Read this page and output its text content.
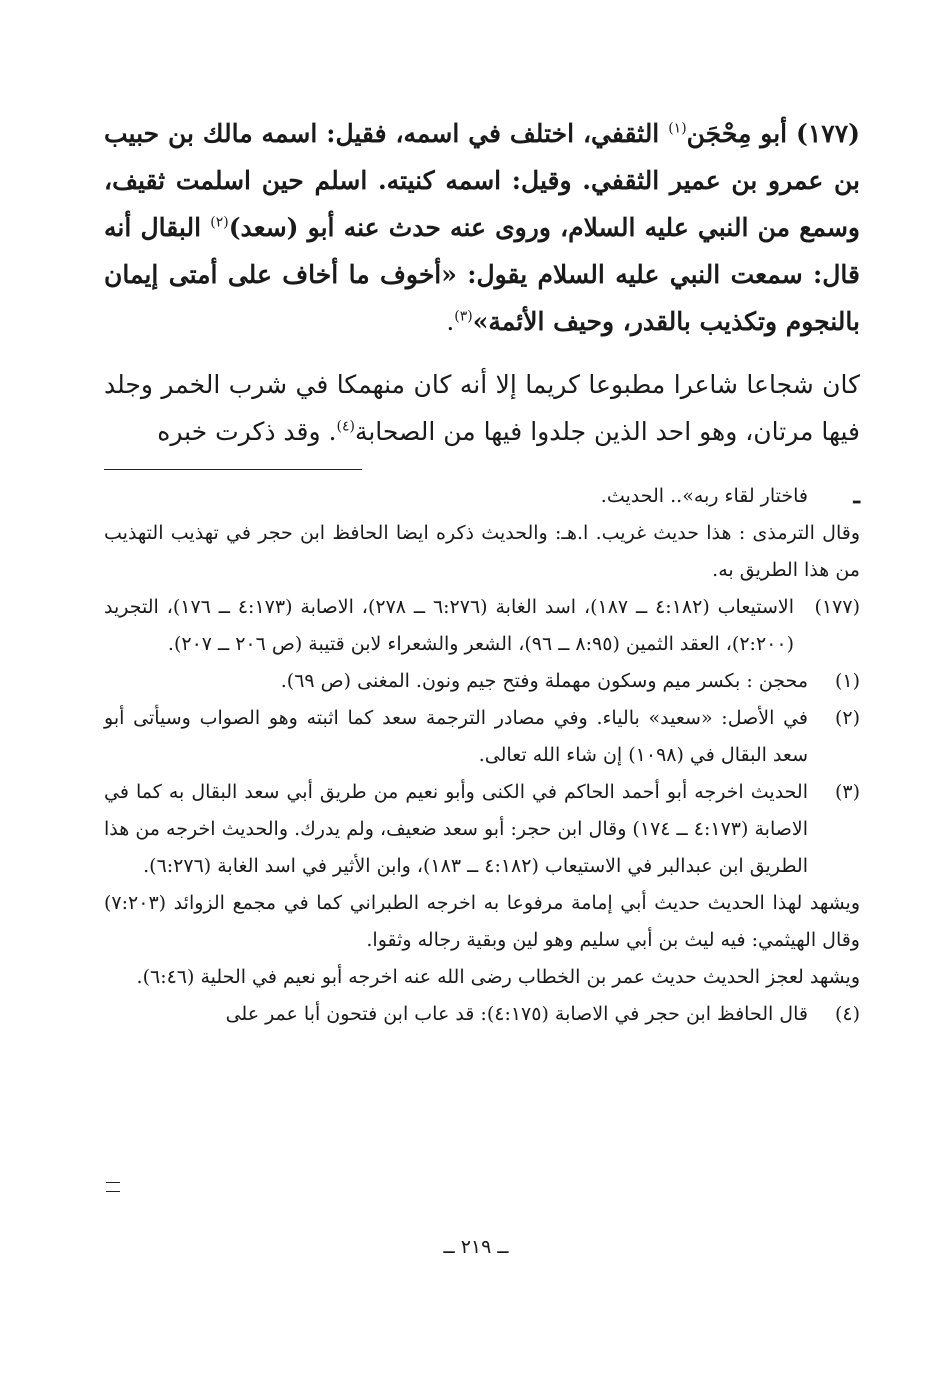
(١٧٧) أبو مِحْجَن$^{(١)}$ الثقفي، اختلف في اسمه، فقيل: اسمه مالك بن حبيب بن عمرو بن عمير الثقفي. وقيل: اسمه كنيته. اسلم حين اسلمت ثقيف، وسمع من النبي عليه السلام، وروى عنه حدث عنه أبو (سعد)$^{(٢)}$ البقال أنه قال: سمعت النبي عليه السلام يقول: «أخوف ما أخاف على أمتى إيمان بالنجوم وتكذيب بالقدر، وحيف الأئمة»$^{(٣)}$.

كان شجاعا شاعرا مطبوعا كريما إلا أنه كان منهمكا في شرب الخمر وجلد فيها مرتان، وهو احد الذين جلدوا فيها من الصحابة$^{(٤)}$. وقد ذكرت خبره

ـ
فاختار لقاء ربه».. الحديث.

وقال الترمذى : هذا حديث غريب. ا.هـ: والحديث ذكره ايضا الحافظ ابن حجر في تهذيب التهذيب من هذا الطريق به.

(١٧٧)
الاستيعاب (٤:١٨٢ ــ ١٨٧)، اسد الغابة (٦:٢٧٦ ــ ٢٧٨)، الاصابة (٤:١٧٣ ــ ١٧٦)، التجريد (٢:٢٠٠)، العقد الثمين (٨:٩٥ ــ ٩٦)، الشعر والشعراء لابن قتيبة (ص ٢٠٦ ــ ٢٠٧).
(١)
محجن : بكسر ميم وسكون مهملة وفتح جيم ونون. المغنى (ص ٦٩).
(٢)
في الأصل: «سعيد» بالياء. وفي مصادر الترجمة سعد كما اثبته وهو الصواب وسيأتى أبو سعد البقال في (١٠٩٨) إن شاء الله تعالى.
(٣)
الحديث اخرجه أبو أحمد الحاكم في الكنى وأبو نعيم من طريق أبي سعد البقال به كما في الاصابة (٤:١٧٣ ــ ١٧٤) وقال ابن حجر: أبو سعد ضعيف، ولم يدرك. والحديث اخرجه من هذا الطريق ابن عبدالبر في الاستيعاب (٤:١٨٢ ــ ١٨٣)، وابن الأثير في اسد الغابة (٦:٢٧٦).

ويشهد لهذا الحديث حديث أبي إمامة مرفوعا به اخرجه الطبراني كما في مجمع الزوائد (٧:٢٠٣) وقال الهيثمي: فيه ليث بن أبي سليم وهو لين وبقية رجاله وثقوا.

ويشهد لعجز الحديث حديث عمر بن الخطاب رضى الله عنه اخرجه أبو نعيم في الحلية (٦:٤٦).

(٤)
قال الحافظ ابن حجر في الاصابة (٤:١٧٥): قد عاب ابن فتحون أبا عمر على
ــ ٢١٩ ــ
